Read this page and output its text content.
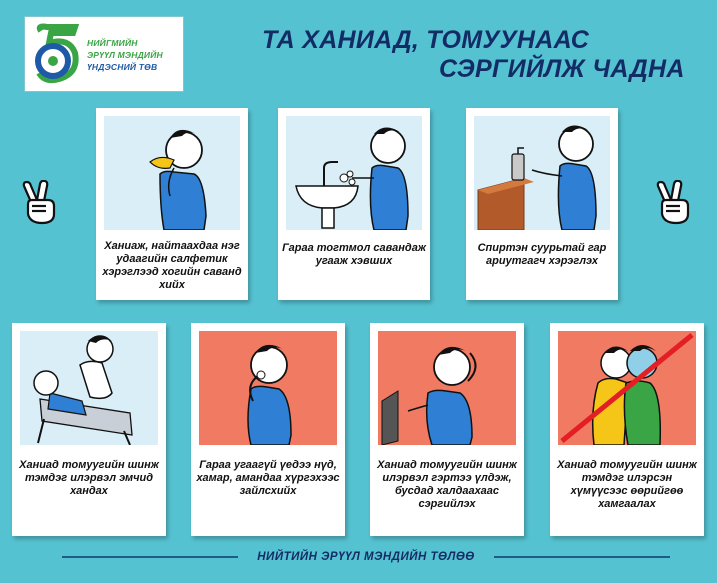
НИЙГМИЙН
ЭРҮҮЛ МЭНДИЙН
ҮНДЭСНИЙ ТӨВ
ТА ХАНИАД, ТОМУУНААС
СЭРГИЙЛЖ ЧАДНА
Ханиаж, найтаахдаа нэг удаагийн салфетик хэрэглээд хогийн саванд хийх
Гараа тогтмол савандаж угааж хэвших
Спиртэн суурьтай гар ариутгагч хэрэглэх
Ханиад томуугийн шинж тэмдэг илэрвэл эмчид хандах
Гараа угаагүй үедээ нүд, хамар, амандаа хүргэхээс зайлсхийх
Ханиад томуугийн шинж илэрвэл гэртээ үлдэж, бусдад халдаахаас сэргийлэх
Ханиад томуугийн шинж тэмдэг илэрсэн хүмүүсээс өөрийгөө хамгаалах
НИЙТИЙН ЭРҮҮЛ МЭНДИЙН ТӨЛӨӨ
